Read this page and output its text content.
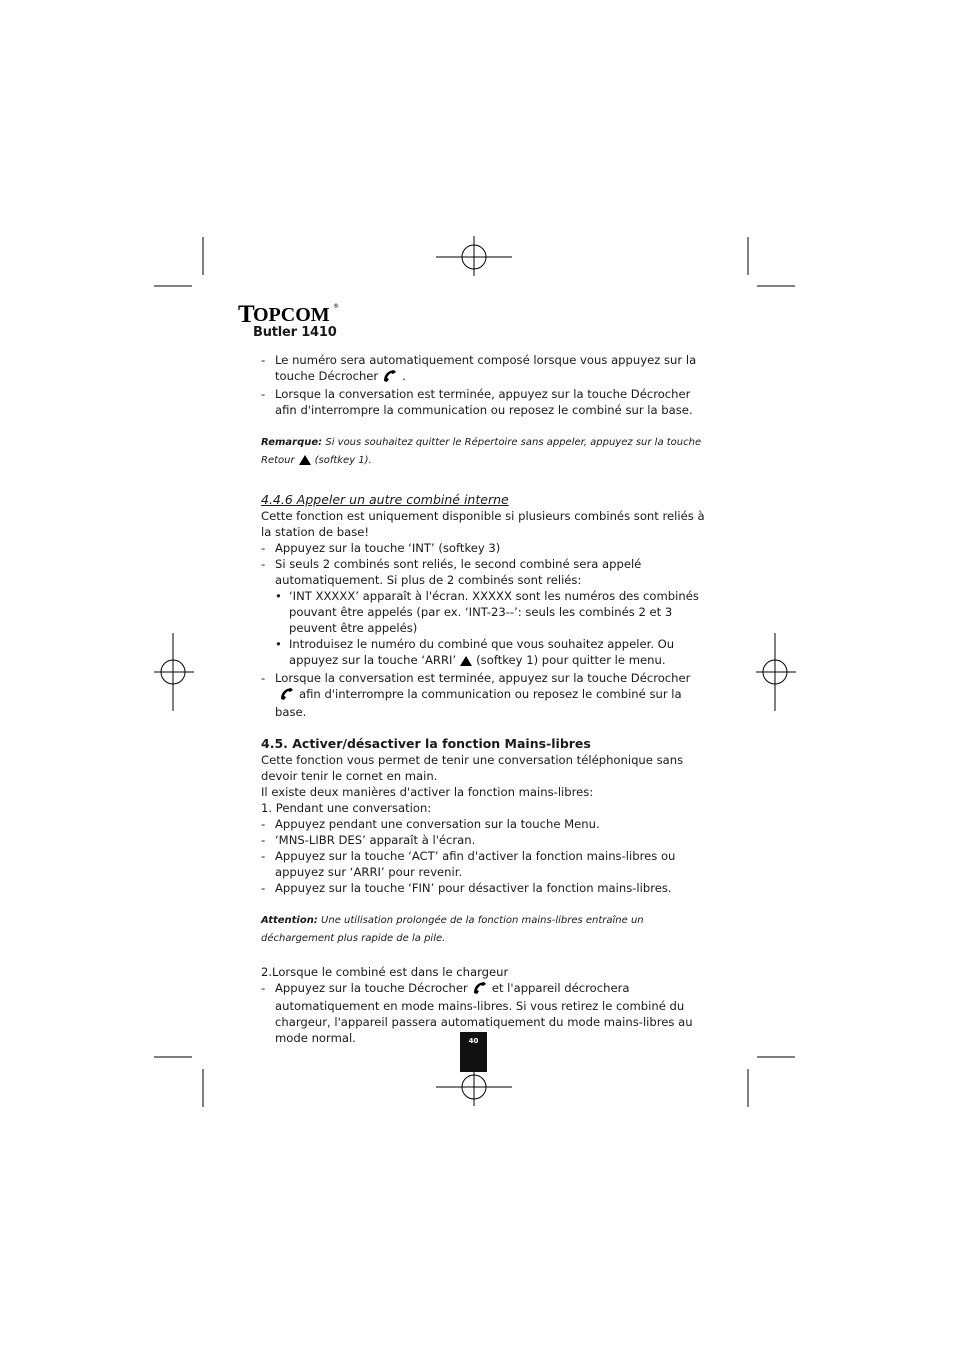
T
OPCOM ®
Butler 1410

- Le numéro sera automatiquement composé lorsque vous appuyez sur la touche Décrocher .

- Lorsque la conversation est terminée, appuyez sur la touche Décrocher afin d'interrompre la communication ou reposez le combiné sur la base.

Remarque: Si vous souhaitez quitter le Répertoire sans appeler, appuyez sur la touche Retour (softkey 1).

4.4.6 Appeler un autre combiné interne

Cette fonction est uniquement disponible si plusieurs combinés sont reliés à la station de base!

- Appuyez sur la touche ‘INT’ (softkey 3)

- Si seuls 2 combinés sont reliés, le second combiné sera appelé automatiquement. Si plus de 2 combinés sont reliés:

• ‘INT XXXXX’ apparaît à l'écran. XXXXX sont les numéros des combinés pouvant être appelés (par ex. ‘INT-23--’: seuls les combinés 2 et 3 peuvent être appelés)

• Introduisez le numéro du combiné que vous souhaitez appeler. Ou appuyez sur la touche ‘ARRI’ (softkey 1) pour quitter le menu.

- Lorsque la conversation est terminée, appuyez sur la touche Décrocherafin d'interrompre la communication ou reposez le combiné sur la base.

4.5. Activer/désactiver la fonction Mains-libres

Cette fonction vous permet de tenir une conversation téléphonique sans devoir tenir le cornet en main.

Il existe deux manières d'activer la fonction mains-libres:

1. Pendant une conversation:

- Appuyez pendant une conversation sur la touche Menu.

- ‘MNS-LIBR DES’ apparaît à l'écran.

- Appuyez sur la touche ‘ACT’ afin d'activer la fonction mains-libres ou appuyez sur ‘ARRI’ pour revenir.

- Appuyez sur la touche ‘FIN’ pour désactiver la fonction mains-libres.

Attention: Une utilisation prolongée de la fonction mains-libres entraîne un déchargement plus rapide de la pile.

2.Lorsque le combiné est dans le chargeur

- Appuyez sur la touche Décrocher et l'appareil décrochera automatiquement en mode mains-libres. Si vous retirez le combiné du chargeur, l'appareil passera automatiquement du mode mains-libres au mode normal.	40
